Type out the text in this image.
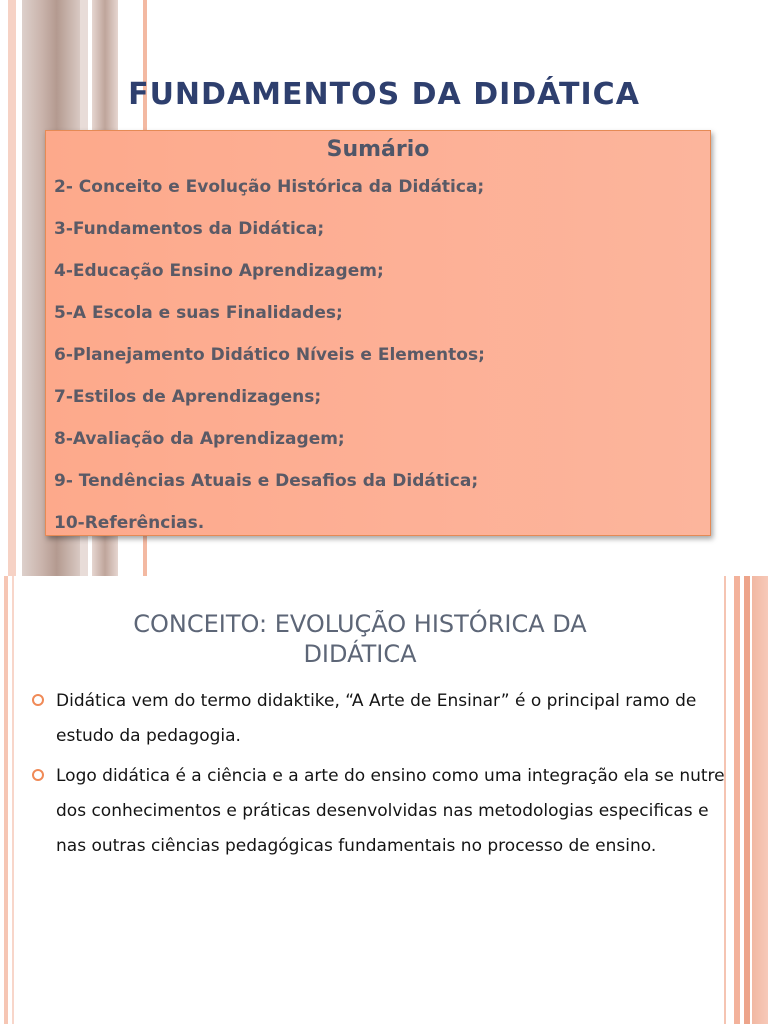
FUNDAMENTOS DA DIDÁTICA
Sumário
2- Conceito e Evolução Histórica da Didática;
3-Fundamentos da Didática;
4-Educação Ensino Aprendizagem;
5-A Escola e suas Finalidades;
6-Planejamento Didático Níveis e Elementos;
7-Estilos de Aprendizagens;
8-Avaliação da Aprendizagem;
9- Tendências Atuais e Desafios da Didática;
10-Referências.
CONCEITO: EVOLUÇÃO HISTÓRICA DA
DIDÁTICA
Didática vem do termo didaktike, “A Arte de Ensinar” é o principal ramo de estudo da pedagogia.
Logo didática é a ciência e a arte do ensino como uma integração ela se nutre dos conhecimentos e práticas desenvolvidas nas metodologias especificas e nas outras ciências pedagógicas fundamentais no processo de ensino.
